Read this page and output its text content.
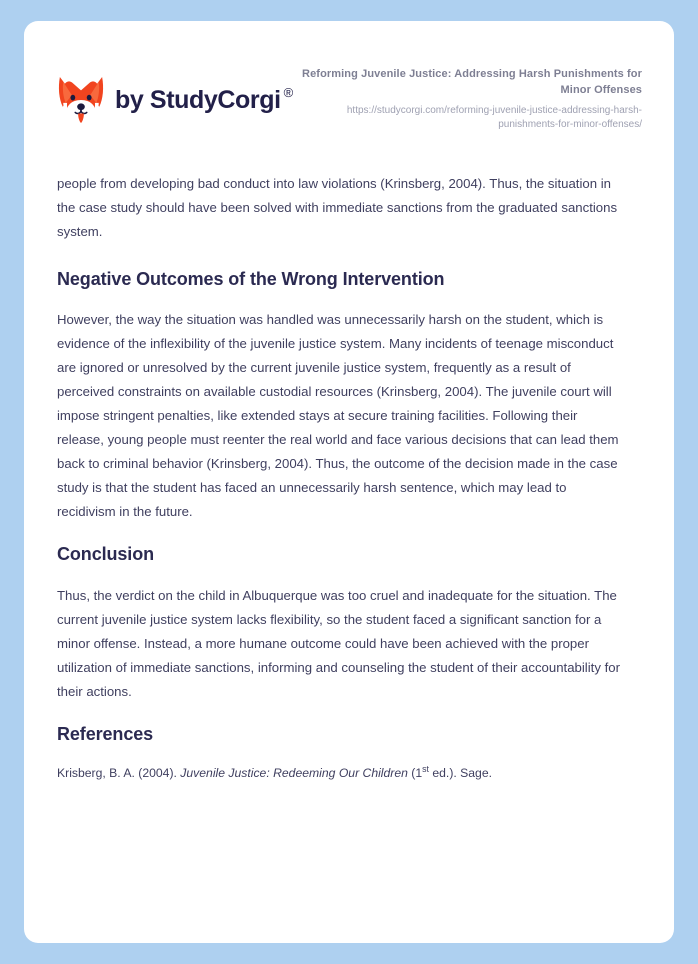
by StudyCorgi ®

Reforming Juvenile Justice: Addressing Harsh Punishments for Minor Offenses

https://studycorgi.com/reforming-juvenile-justice-addressing-harsh-punishments-for-minor-offenses/

people from developing bad conduct into law violations (Krinsberg, 2004). Thus, the situation in the case study should have been solved with immediate sanctions from the graduated sanctions system.

Negative Outcomes of the Wrong Intervention

However, the way the situation was handled was unnecessarily harsh on the student, which is evidence of the inflexibility of the juvenile justice system. Many incidents of teenage misconduct are ignored or unresolved by the current juvenile justice system, frequently as a result of perceived constraints on available custodial resources (Krinsberg, 2004). The juvenile court will impose stringent penalties, like extended stays at secure training facilities. Following their release, young people must reenter the real world and face various decisions that can lead them back to criminal behavior (Krinsberg, 2004). Thus, the outcome of the decision made in the case study is that the student has faced an unnecessarily harsh sentence, which may lead to recidivism in the future.

Conclusion

Thus, the verdict on the child in Albuquerque was too cruel and inadequate for the situation. The current juvenile justice system lacks flexibility, so the student faced a significant sanction for a minor offense. Instead, a more humane outcome could have been achieved with the proper utilization of immediate sanctions, informing and counseling the student of their accountability for their actions.

References

Krisberg, B. A. (2004). Juvenile Justice: Redeeming Our Children (1st ed.). Sage.
